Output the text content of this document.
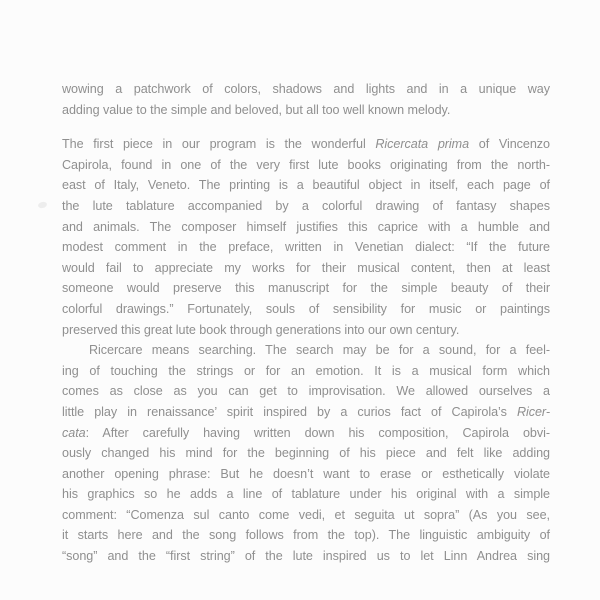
wowing a patchwork of colors, shadows and lights and in a unique way
adding value to the simple and beloved, but all too well known melody.
The first piece in our program is the wonderful Ricercata prima of Vincenzo
Capirola, found in one of the very first lute books originating from the north-
east of Italy, Veneto. The printing is a beautiful object in itself, each page of
the lute tablature accompanied by a colorful drawing of fantasy shapes
and animals. The composer himself justifies this caprice with a humble and
modest comment in the preface, written in Venetian dialect: “If the future
would fail to appreciate my works for their musical content, then at least
someone would preserve this manuscript for the simple beauty of their
colorful drawings.” Fortunately, souls of sensibility for music or paintings
preserved this great lute book through generations into our own century.
Ricercare means searching. The search may be for a sound, for a feel-
ing of touching the strings or for an emotion. It is a musical form which
comes as close as you can get to improvisation. We allowed ourselves a
little play in renaissance’ spirit inspired by a curios fact of Capirola’s Ricer-
cata: After carefully having written down his composition, Capirola obvi-
ously changed his mind for the beginning of his piece and felt like adding
another opening phrase: But he doesn’t want to erase or esthetically violate
his graphics so he adds a line of tablature under his original with a simple
comment: “Comenza sul canto come vedi, et seguita ut sopra” (As you see,
it starts here and the song follows from the top). The linguistic ambiguity of
“song” and the “first string” of the lute inspired us to let Linn Andrea sing
